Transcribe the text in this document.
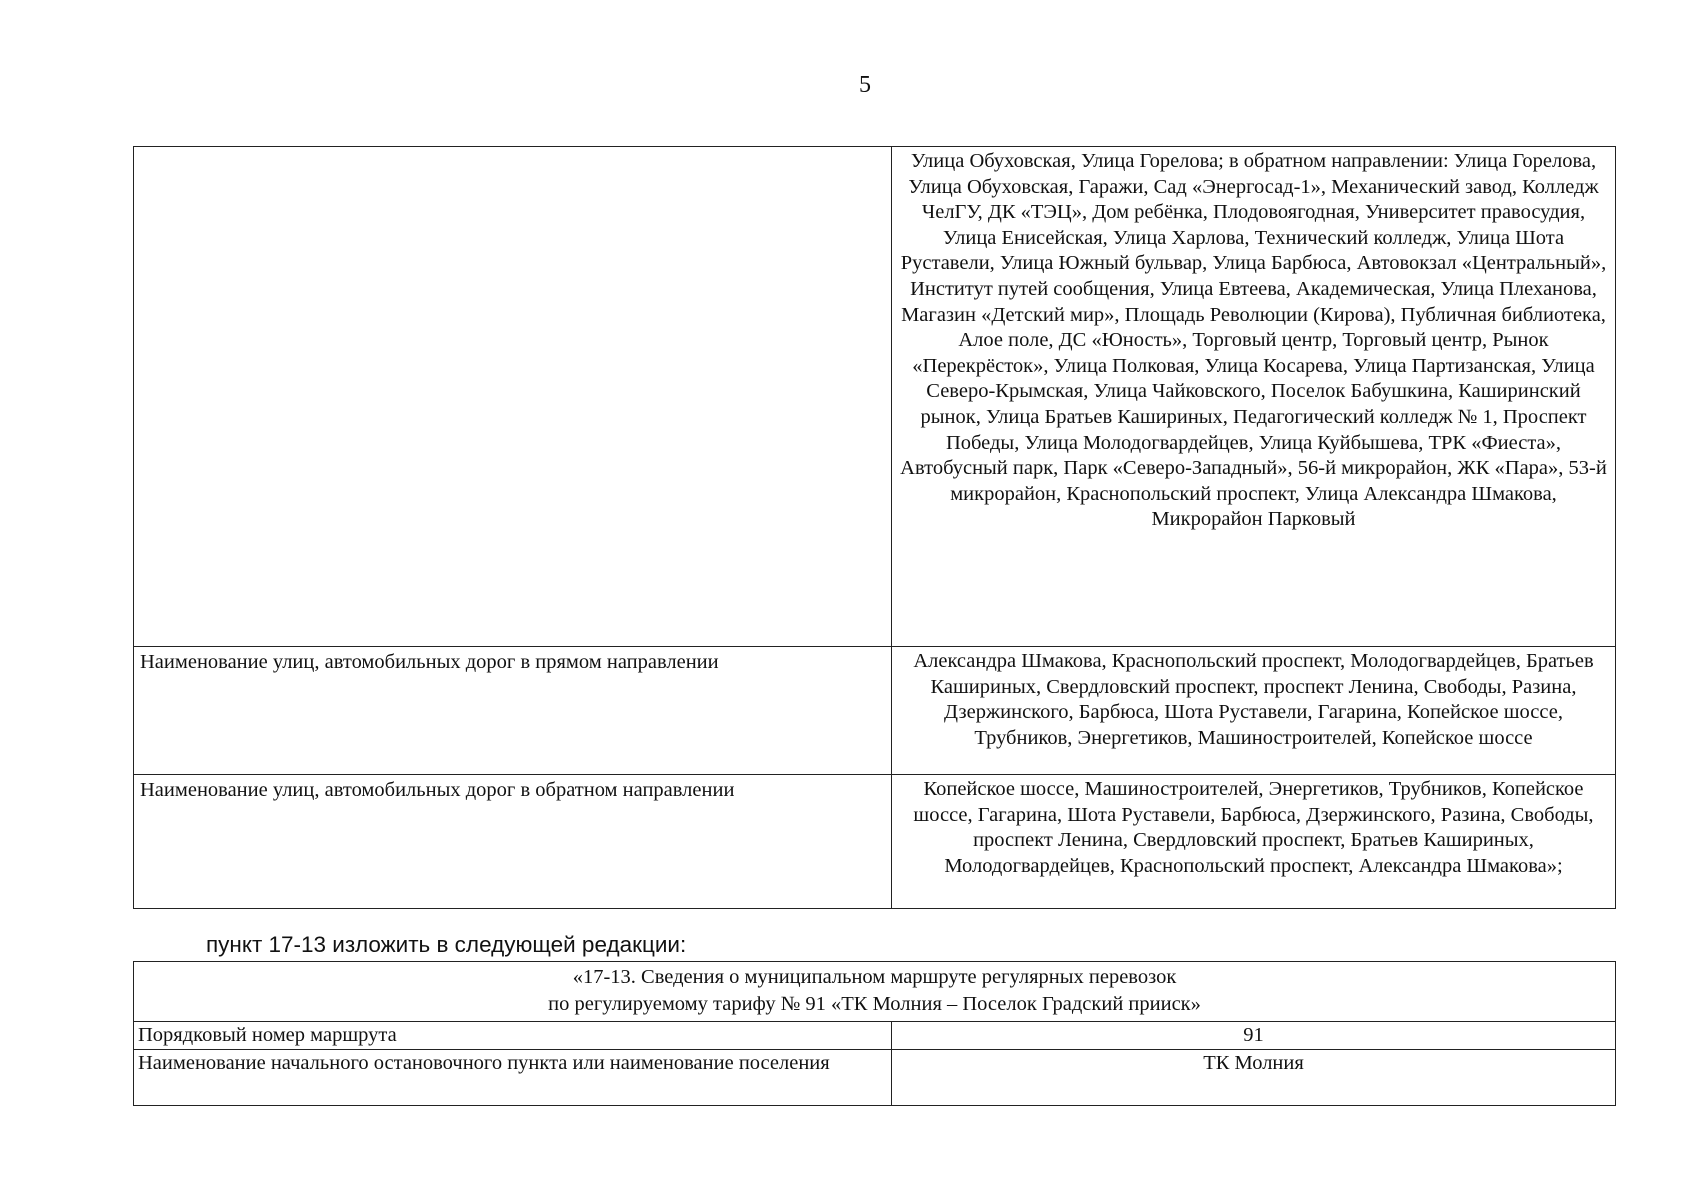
5
	Улица Обуховская, Улица Горелова; в обратном направлении: Улица Горелова, Улица Обуховская, Гаражи, Сад «Энергосад-1», Механический завод, Колледж ЧелГУ, ДК «ТЭЦ», Дом ребёнка, Плодовоягодная, Университет правосудия, Улица Енисейская, Улица Харлова, Технический колледж, Улица Шота Руставели, Улица Южный бульвар, Улица Барбюса, Автовокзал «Центральный», Институт путей сообщения, Улица Евтеева, Академическая, Улица Плеханова, Магазин «Детский мир», Площадь Революции (Кирова), Публичная библиотека, Алое поле, ДС «Юность», Торговый центр, Торговый центр, Рынок «Перекрёсток», Улица Полковая, Улица Косарева, Улица Партизанская, Улица Северо-Крымская, Улица Чайковского, Поселок Бабушкина, Каширинский рынок, Улица Братьев Кашириных, Педагогический колледж № 1, Проспект Победы, Улица Молодогвардейцев, Улица Куйбышева, ТРК «Фиеста», Автобусный парк, Парк «Северо-Западный», 56-й микрорайон, ЖК «Пара», 53-й микрорайон, Краснопольский проспект, Улица Александра Шмакова, Микрорайон Парковый
Наименование улиц, автомобильных дорог в прямом направлении	Александра Шмакова, Краснопольский проспект, Молодогвардейцев, Братьев Кашириных, Свердловский проспект, проспект Ленина, Свободы, Разина, Дзержинского, Барбюса, Шота Руставели, Гагарина, Копейское шоссе, Трубников, Энергетиков, Машиностроителей, Копейское шоссе
Наименование улиц, автомобильных дорог в обратном направлении	Копейское шоссе, Машиностроителей, Энергетиков, Трубников, Копейское шоссе, Гагарина, Шота Руставели, Барбюса, Дзержинского, Разина, Свободы, проспект Ленина, Свердловский проспект, Братьев Кашириных, Молодогвардейцев, Краснопольский проспект, Александра Шмакова»;
пункт 17-13 изложить в следующей редакции:
«17-13. Сведения о муниципальном маршруте регулярных перевозок
по регулируемому тарифу № 91 «ТК Молния – Поселок Градский прииск»	

Порядковый номер маршрута	91
Наименование начального остановочного пункта или наименование поселения	ТК Молния
